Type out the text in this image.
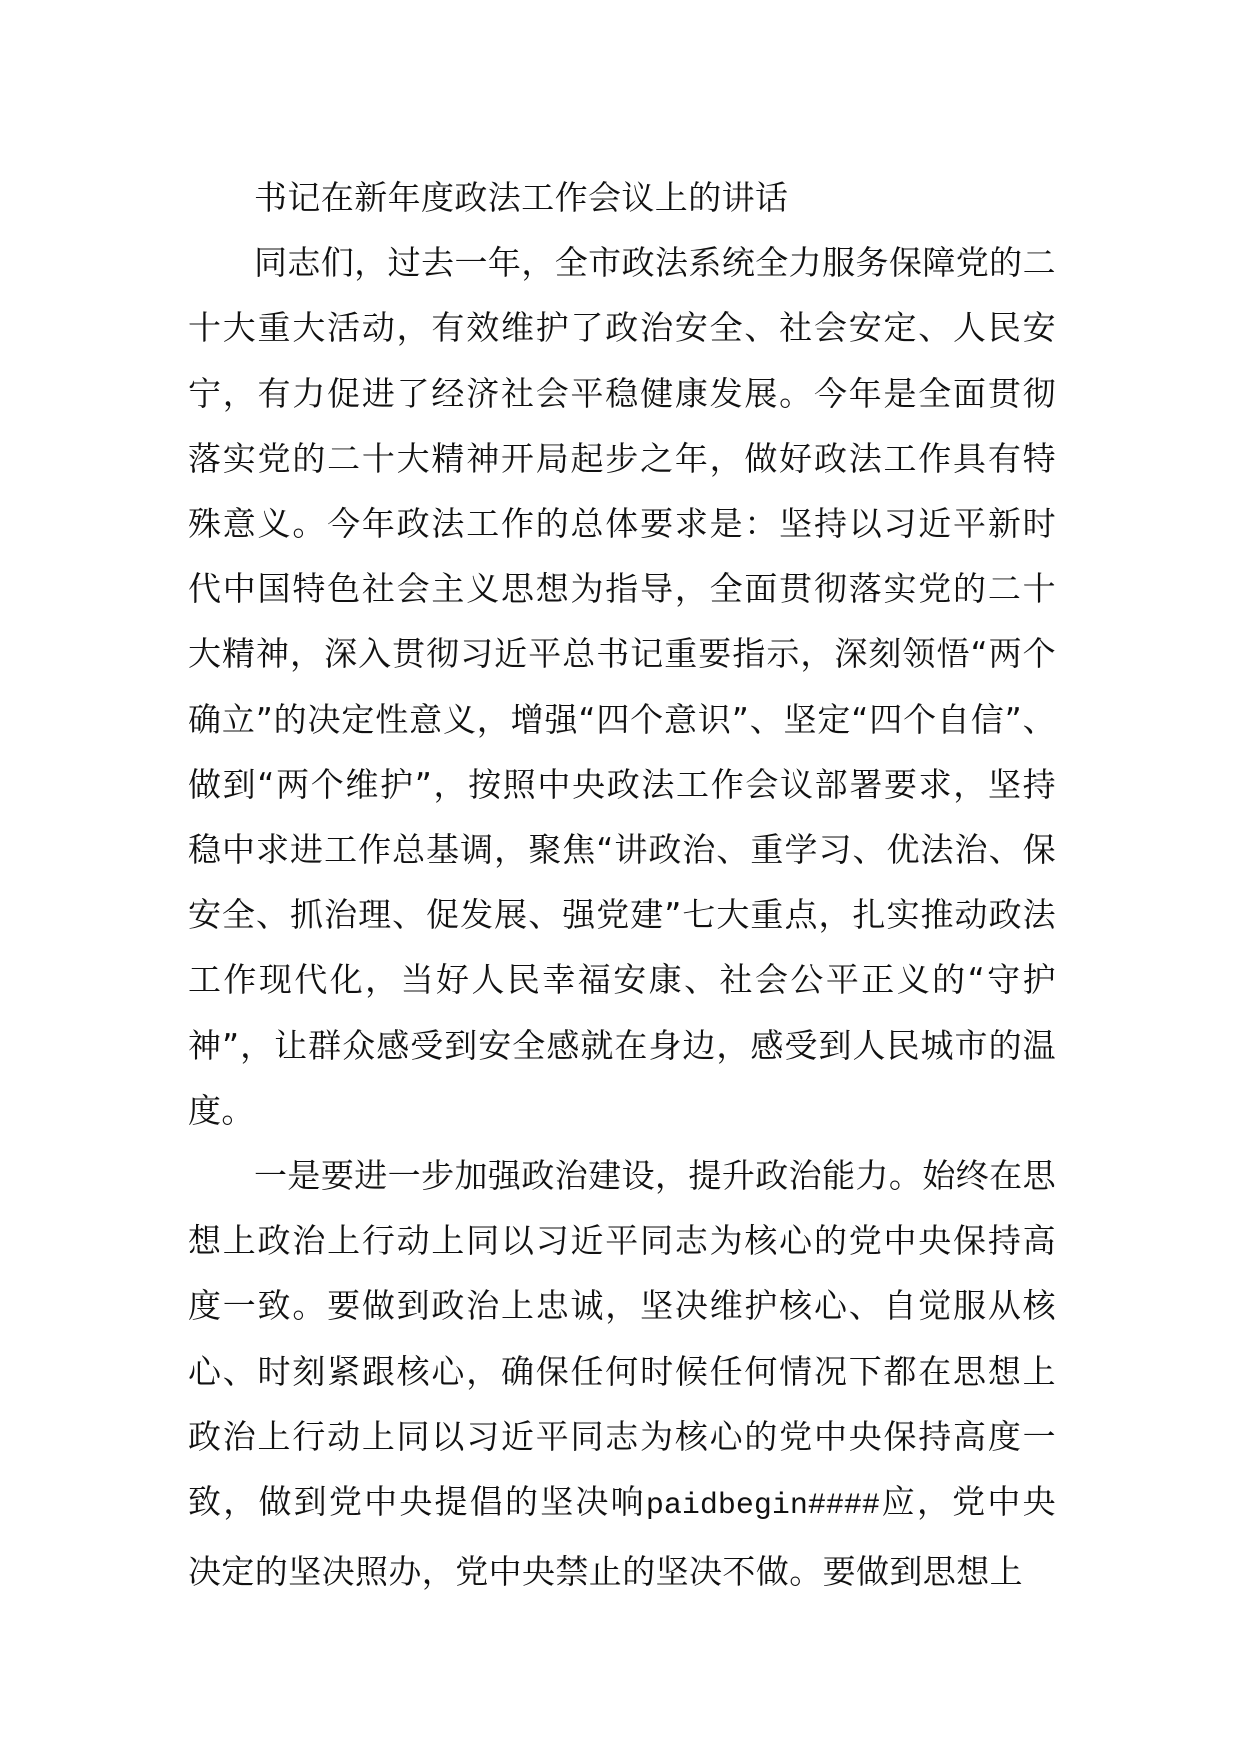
书记在新年度政法工作会议上的讲话

同志们，过去一年，全市政法系统全力服务保障党的二十大重大活动，有效维护了政治安全、社会安定、人民安宁，有力促进了经济社会平稳健康发展。今年是全面贯彻落实党的二十大精神开局起步之年，做好政法工作具有特殊意义。今年政法工作的总体要求是：坚持以习近平新时代中国特色社会主义思想为指导，全面贯彻落实党的二十大精神，深入贯彻习近平总书记重要指示，深刻领悟“两个确立”的决定性意义，增强“四个意识”、坚定“四个自信”、做到“两个维护”，按照中央政法工作会议部署要求，坚持稳中求进工作总基调，聚焦“讲政治、重学习、优法治、保安全、抓治理、促发展、强党建”七大重点，扎实推动政法工作现代化，当好人民幸福安康、社会公平正义的“守护神”，让群众感受到安全感就在身边，感受到人民城市的温度。

一是要进一步加强政治建设，提升政治能力。始终在思想上政治上行动上同以习近平同志为核心的党中央保持高度一致。要做到政治上忠诚，坚决维护核心、自觉服从核心、时刻紧跟核心，确保任何时候任何情况下都在思想上政治上行动上同以习近平同志为核心的党中央保持高度一致，做到党中央提倡的坚决响paidbegin####应，党中央决定的坚决照办，党中央禁止的坚决不做。要做到思想上
